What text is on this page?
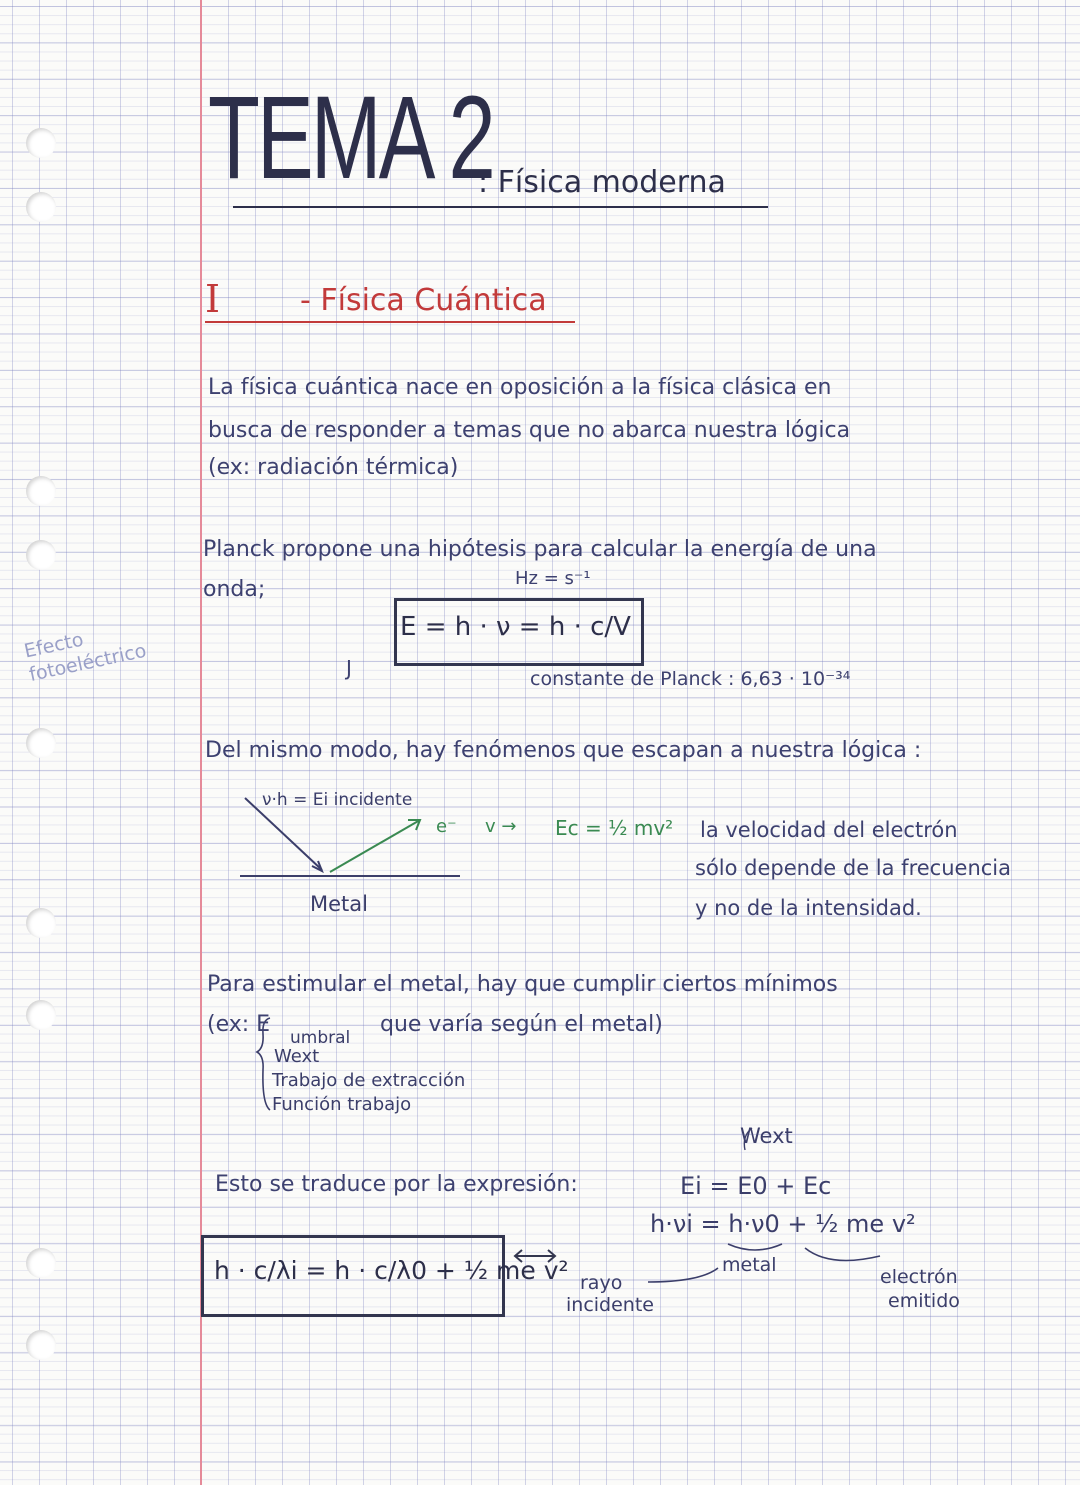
TEMA 2
: Física moderna
I	- Física Cuántica
Efecto fotoeléctrico
La física cuántica nace en oposición a la física clásica en
busca de responder a temas que no abarca nuestra lógica
(ex: radiación térmica)
Planck propone una hipótesis para calcular la energía de una
onda;	Hz = s⁻¹
E = h · ν = h · c/V
J	constante de Planck : 6,63 · 10⁻³⁴
Del mismo modo, hay fenómenos que escapan a nuestra lógica :
ν·h = Ei incidente
e⁻ v → Ec = ½ mv²
Metal
la velocidad del electrón
sólo depende de la frecuencia
y no de la intensidad.
Para estimular el metal, hay que cumplir ciertos mínimos
(ex: E
umbral
que varía según el metal)
Wext
Trabajo de extracción
Función trabajo
Esto se traduce por la expresión:
Wext
Ei = E0 + Ec
h·νi = h·ν0 + ½ me v²
metal
rayo
incidente
electrón
emitido
h · c/λi = h · c/λ0 + ½ me v²
